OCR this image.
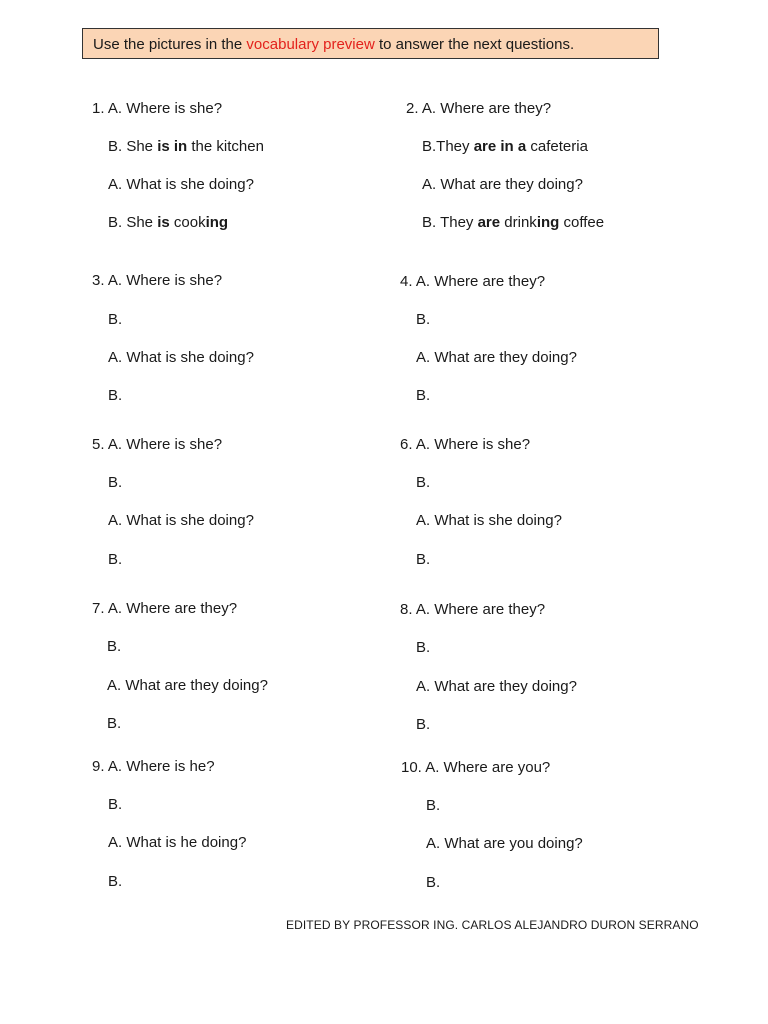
Use the pictures in the vocabulary preview to answer the next questions.
1. A. Where is she?
B. She is in the kitchen
A. What is she doing?
B. She is cooking
2. A. Where are they?
B.They are in a cafeteria
A. What are they doing?
B. They are drinking coffee
3. A. Where is she?
B.
A. What is she doing?
B.
4. A. Where are they?
B.
A. What are they doing?
B.
5. A. Where is she?
B.
A. What is she doing?
B.
6. A. Where is she?
B.
A. What is she doing?
B.
7. A. Where are they?
B.
A. What are they doing?
B.
8. A. Where are they?
B.
A. What are they doing?
B.
9. A. Where is he?
B.
A. What is he doing?
B.
10. A. Where are you?
B.
A. What are you doing?
B.
EDITED BY PROFESSOR ING. CARLOS ALEJANDRO DURON SERRANO
